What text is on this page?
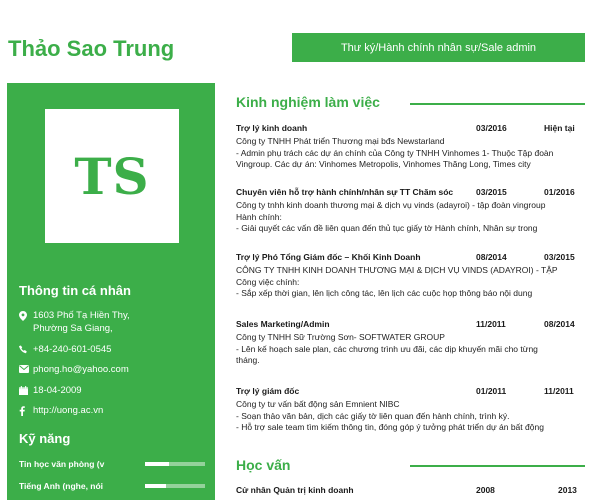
Thảo Sao Trung	Thư ký/Hành chính nhân sự/Sale admin
TS
Thông tin cá nhân
1603 Phố Tạ Hiền Thy,
Phường Sa Giang,
+84-240-601-0545
phong.ho@yahoo.com
18-04-2009
http://uong.ac.vn
Kỹ năng
Tin học văn phòng (v
Tiếng Anh (nghe, nói
Kinh nghiệm làm việc
Trợ lý kinh doanh	03/2016	Hiện tại
Công ty TNHH Phát triển Thương mại bđs Newstarland
- Admin phụ trách các dự án chính của Công ty TNHH Vinhomes 1- Thuộc Tập đoàn
Vingroup. Các dự án: Vinhomes Metropolis, Vinhomes Thăng Long, Times city
Chuyên viên hỗ trợ hành chính/nhân sự TT Chăm sóc	03/2015	01/2016
Công ty tnhh kinh doanh thương mại & dịch vụ vinds (adayroi) - tập đoàn vingroup
Hành chính:
- Giải quyết các vấn đề liên quan đến thủ tục giấy tờ Hành chính, Nhân sự trong
Trợ lý Phó Tổng Giám đốc – Khối Kinh Doanh	08/2014	03/2015
CÔNG TY TNHH KINH DOANH THƯƠNG MẠI & DỊCH VỤ VINDS (ADAYROI) - TẬP
Công việc chính:
- Sắp xếp thời gian, lên lịch công tác, lên lịch các cuộc họp thông báo nội dung
Sales Marketing/Admin	11/2011	08/2014
Công ty TNHH Sữ Trường Sơn- SOFTWATER GROUP
- Lên kế hoạch sale plan, các chương trình ưu đãi, các dịp khuyến mãi cho từng
tháng.
Trợ lý giám đốc	01/2011	11/2011
Công ty tư vấn bất động sản Emnient NIBC
- Soạn thảo văn bản, dịch các giấy tờ liên quan đến hành chính, trình ký.
- Hỗ trợ sale team tìm kiếm thông tin, đóng góp ý tưởng phát triển dự án bất động
Học vấn
Cử nhân Quản trị kinh doanh	2008	2013
